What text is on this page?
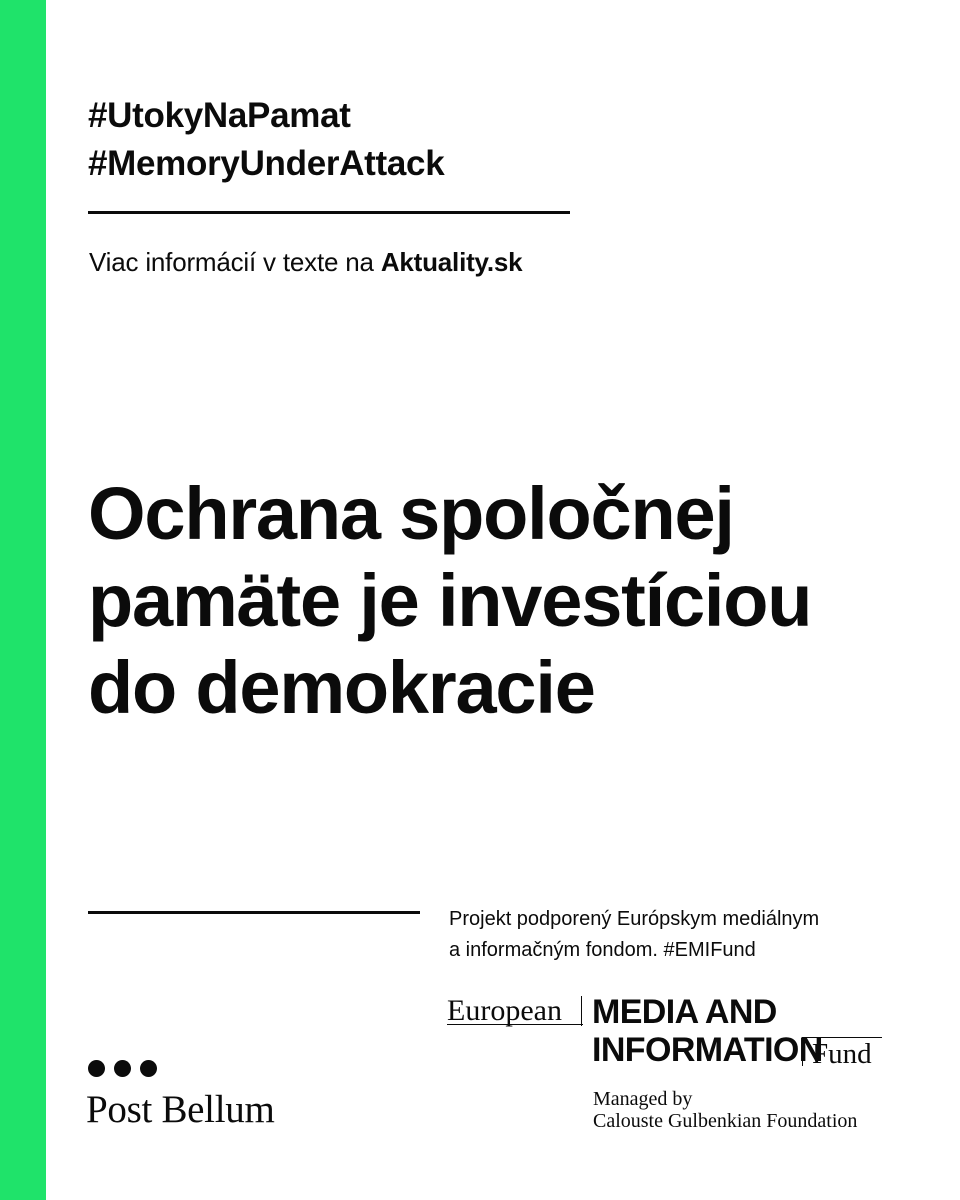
#UtokyNaPamat
#MemoryUnderAttack
Viac informácií v texte na Aktuality.sk
Ochrana spoločnej
pamäte je investíciou
do demokracie
Projekt podporený Európskym mediálnym
a informačným fondom. #EMIFund
Post Bellum
European MEDIA AND
INFORMATION
Fund
Managed by
Calouste Gulbenkian Foundation
